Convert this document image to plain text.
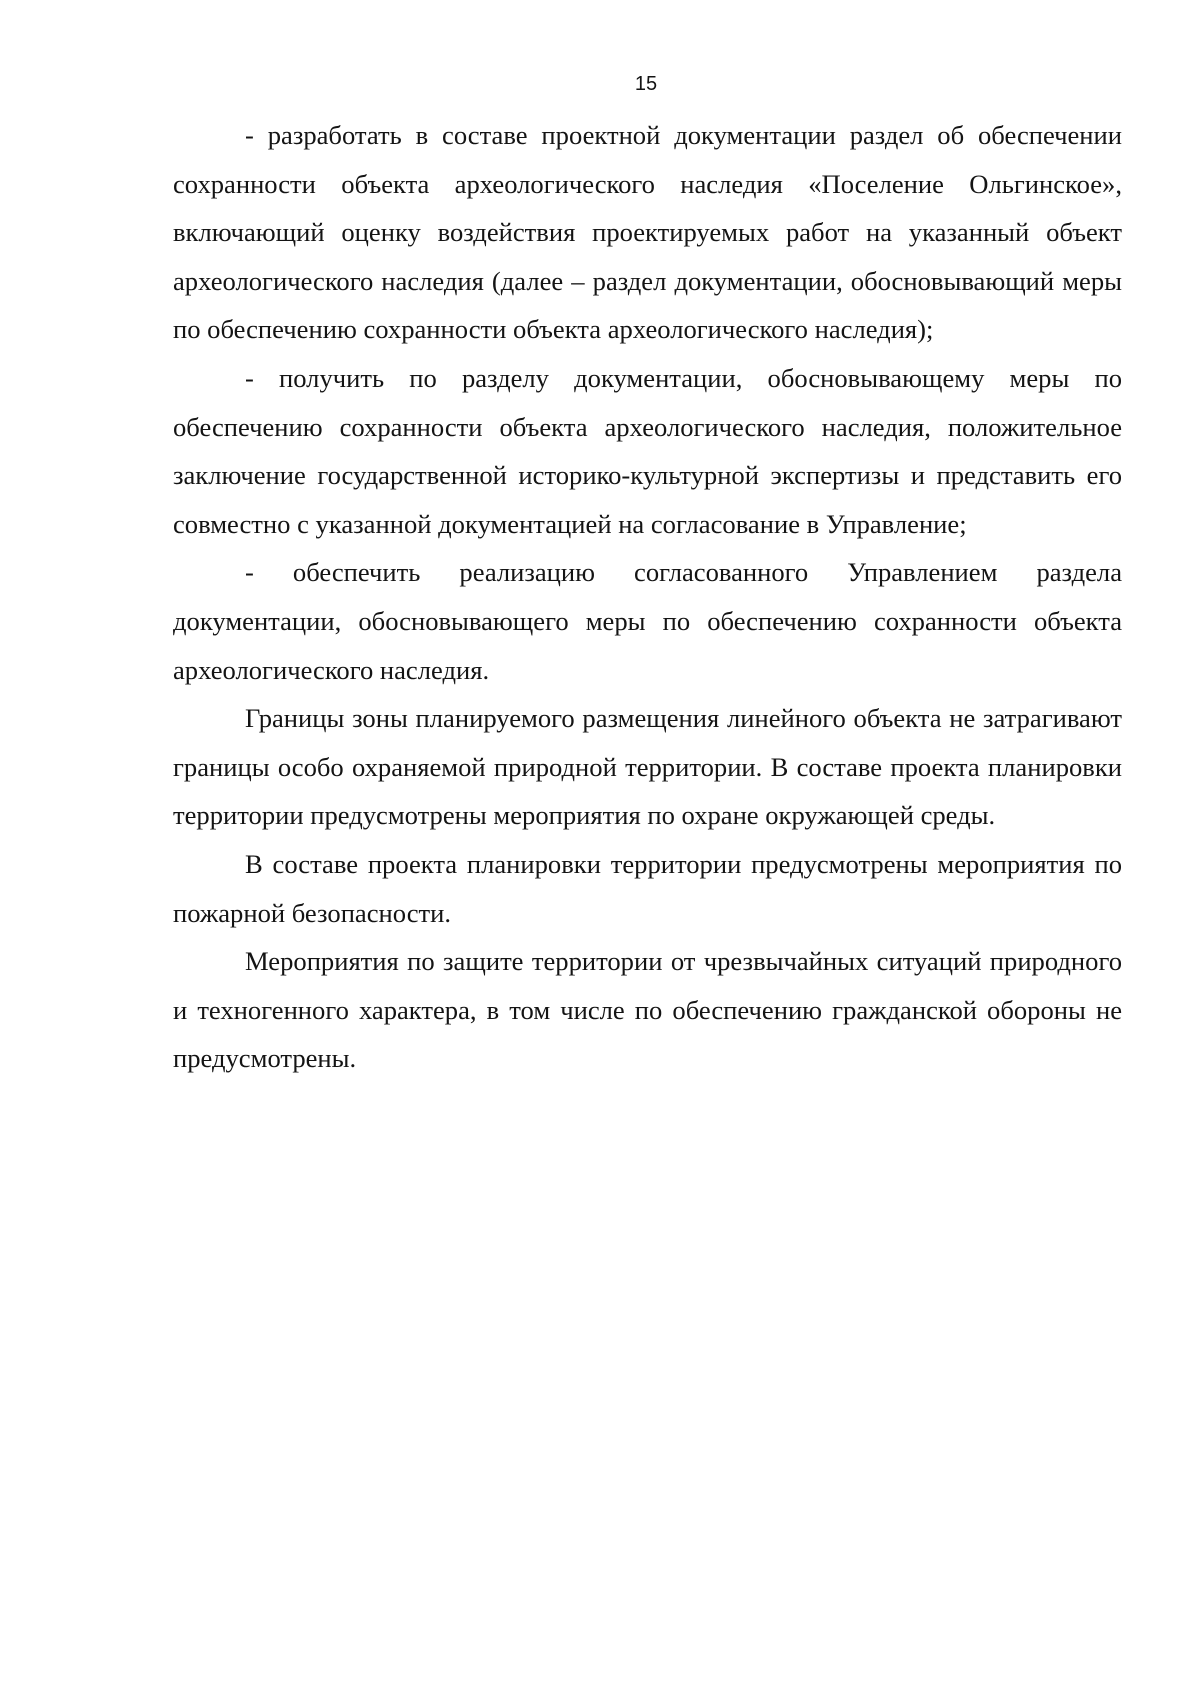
15

- разработать в составе проектной документации раздел об обеспечении сохранности объекта археологического наследия «Поселение Ольгинское», включающий оценку воздействия проектируемых работ на указанный объект археологического наследия (далее – раздел документации, обосновывающий меры по обеспечению сохранности объекта археологического наследия);

- получить по разделу документации, обосновывающему меры по обеспечению сохранности объекта археологического наследия, положительное заключение государственной историко-культурной экспертизы и представить его совместно с указанной документацией на согласование в Управление;

- обеспечить реализацию согласованного Управлением раздела документации, обосновывающего меры по обеспечению сохранности объекта археологического наследия.

Границы зоны планируемого размещения линейного объекта не затрагивают границы особо охраняемой природной территории. В составе проекта планировки территории предусмотрены мероприятия по охране окружающей среды.

В составе проекта планировки территории предусмотрены мероприятия по пожарной безопасности.

Мероприятия по защите территории от чрезвычайных ситуаций природного и техногенного характера, в том числе по обеспечению гражданской обороны не предусмотрены.
